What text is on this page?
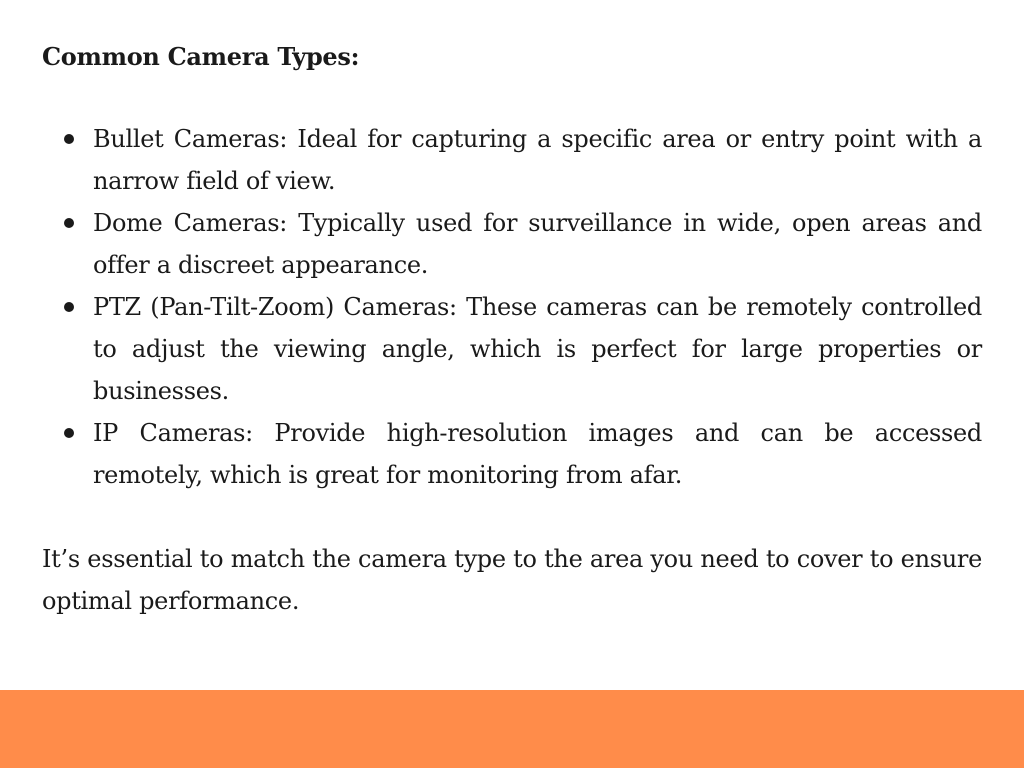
Common Camera Types:
Bullet Cameras: Ideal for capturing a specific area or entry point with a narrow field of view.
Dome Cameras: Typically used for surveillance in wide, open areas and offer a discreet appearance.
PTZ (Pan-Tilt-Zoom) Cameras: These cameras can be remotely controlled to adjust the viewing angle, which is perfect for large properties or businesses.
IP Cameras: Provide high-resolution images and can be accessed remotely, which is great for monitoring from afar.

It’s essential to match the camera type to the area you need to cover to ensure optimal performance.
